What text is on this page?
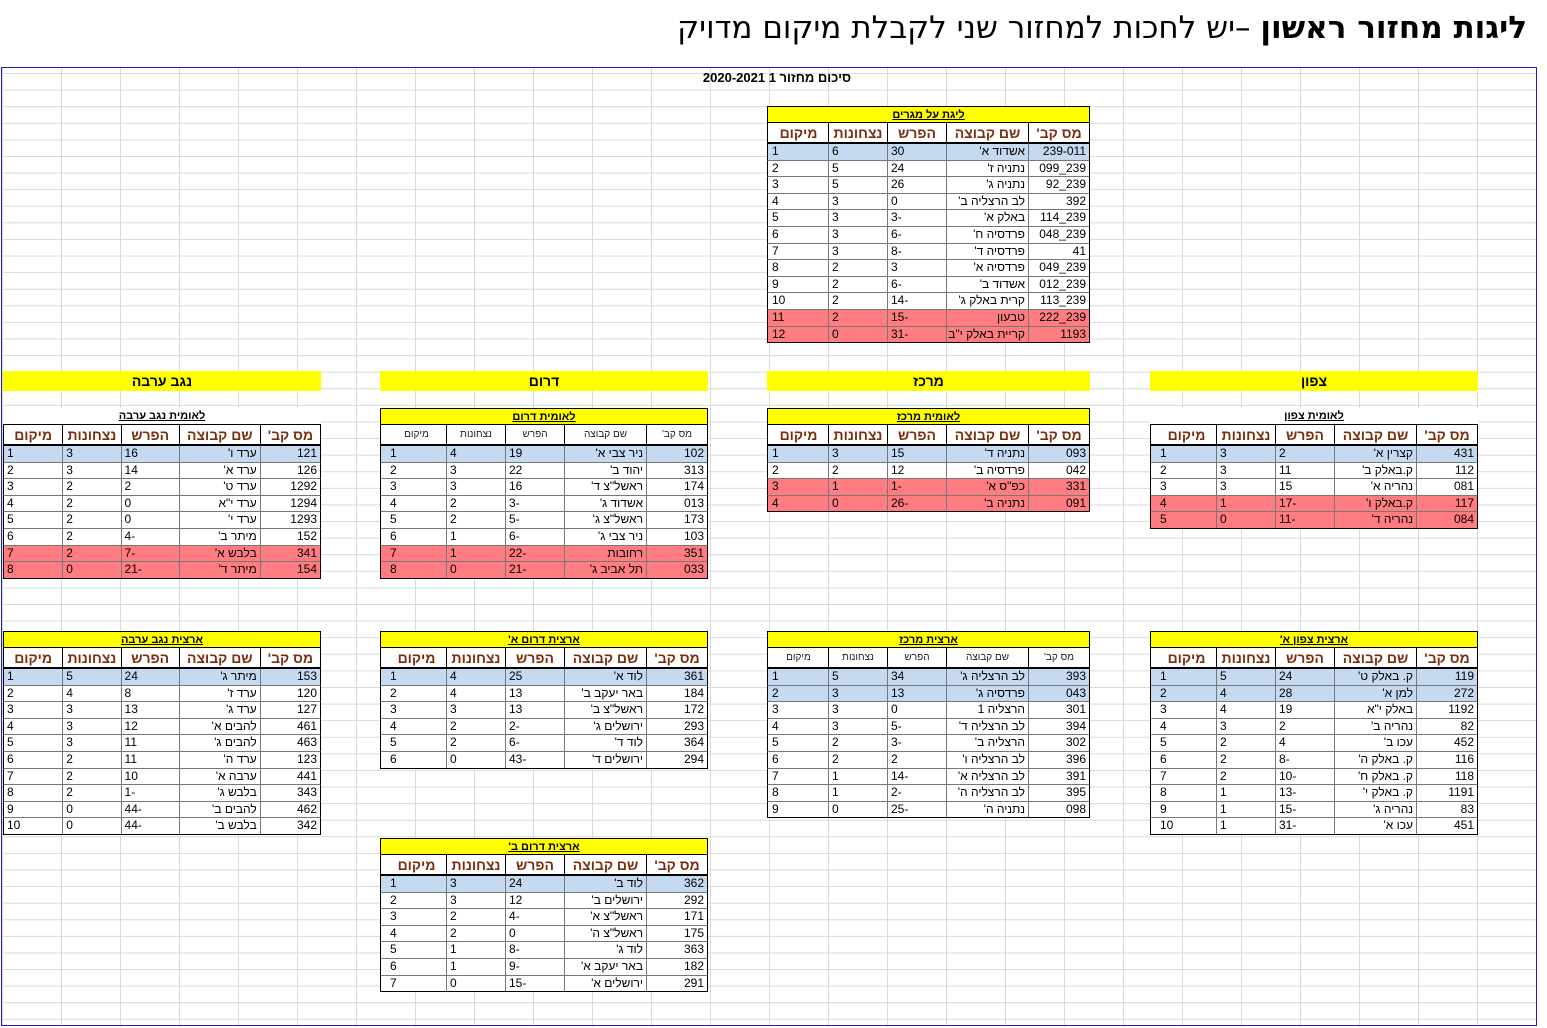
ליגות מחזור ראשון –יש לחכות למחזור שני לקבלת מיקום מדויק
סיכום מחזור 1 2020-2021
צפון
מרכז
דרום
נגב ערבה
ליגת על מגרים
מס קב'
שם קבוצה
הפרש
נצחונות
מיקום
239-011
אשדוד א'
30
6
1
239_099
נתניה ז'
24
5
2
239_92
נתניה ג'
26
5
3
392
לב הרצליה ב'
0
3
4
239_114
באלק א'
-3
3
5
239_048
פרדסיה ח'
-6
3
6
41
פרדסיה ד'
-8
3
7
239_049
פרדסיה א'
3
2
8
239_012
אשדוד ב'
-6
2
9
239_113
קרית באלק ג'
-14
2
10
239_222
טבעון
-15
2
11
1193
קריית באלק י"ב
-31
0
12
לאומית צפון
מס קב'
שם קבוצה
הפרש
נצחונות
מיקום
431
קצרין א'
2
3
1
112
ק.באלק ב'
11
3
2
081
נהריה א'
15
3
3
117
ק.באלק ו'
-17
1
4
084
נהריה ד'
-11
0
5
לאומית מרכז
מס קב'
שם קבוצה
הפרש
נצחונות
מיקום
093
נתניה ד'
15
3
1
042
פרדסיה ב'
12
2
2
331
כפ"ס א'
-1
1
3
091
נתניה ב'
-26
0
4
לאומית דרום
מס קב'
שם קבוצה
הפרש
נצחונות
מיקום
102
ניר צבי א'
19
4
1
313
יהוד ב'
22
3
2
174
ראשל"צ ד'
16
3
3
013
אשדוד ג'
-3
2
4
173
ראשל"צ ג'
-5
2
5
103
ניר צבי ג'
-6
1
6
351
רחובות
-22
1
7
033
תל אביב ג'
-21
0
8
לאומית נגב ערבה
מס קב'
שם קבוצה
הפרש
נצחונות
מיקום
121
ערד ו'
16
3
1
126
ערד א'
14
3
2
1292
ערד ט'
2
2
3
1294
ערד י"א
0
2
4
1293
ערד י'
0
2
5
152
מיתר ב'
-4
2
6
341
בלבש א'
-7
2
7
154
מיתר ד'
-21
0
8
ארצית צפון א'
מס קב'
שם קבוצה
הפרש
נצחונות
מיקום
119
ק. באלק ט'
24
5
1
272
למן א'
28
4
2
1192
באלק י"א
19
4
3
82
נהריה ב'
2
3
4
452
עכו ב'
4
2
5
116
ק. באלק ה'
-8
2
6
118
ק. באלק ח'
-10
2
7
1191
ק. באלק י'
-13
1
8
83
נהריה ג'
-15
1
9
451
עכו א'
-31
1
10
ארצית מרכז
מס קב'
שם קבוצה
הפרש
נצחונות
מיקום
393
לב הרצליה ג'
34
5
1
043
פרדסיה ג'
13
3
2
301
הרצליה 1
0
3
3
394
לב הרצליה ד'
-5
3
4
302
הרצליה ב'
-3
2
5
396
לב הרצליה ו'
2
2
6
391
לב הרצליה א'
-14
1
7
395
לב הרצליה ה'
-2
1
8
098
נתניה ה'
-25
0
9
ארצית דרום א'
מס קב'
שם קבוצה
הפרש
נצחונות
מיקום
361
לוד א'
25
4
1
184
באר יעקב ב'
13
4
2
172
ראשל"צ ב'
13
3
3
293
ירושלים ג'
-2
2
4
364
לוד ד'
-6
2
5
294
ירושלים ד'
-43
0
6
ארצית נגב ערבה
מס קב'
שם קבוצה
הפרש
נצחונות
מיקום
153
מיתר ג'
24
5
1
120
ערד ז'
8
4
2
127
ערד ג'
13
3
3
461
להבים א'
12
3
4
463
להבים ג'
11
3
5
123
ערד ה'
11
2
6
441
ערבה א'
10
2
7
343
בלבש ג'
-1
2
8
462
להבים ב'
-44
0
9
342
בלבש ב'
-44
0
10
ארצית דרום ב'
מס קב'
שם קבוצה
הפרש
נצחונות
מיקום
362
לוד ב'
24
3
1
292
ירושלים ב'
12
3
2
171
ראשל"צ א'
-4
2
3
175
ראשל"צ ה'
0
2
4
363
לוד ג'
-8
1
5
182
באר יעקב א'
-9
1
6
291
ירושלים א'
-15
0
7
